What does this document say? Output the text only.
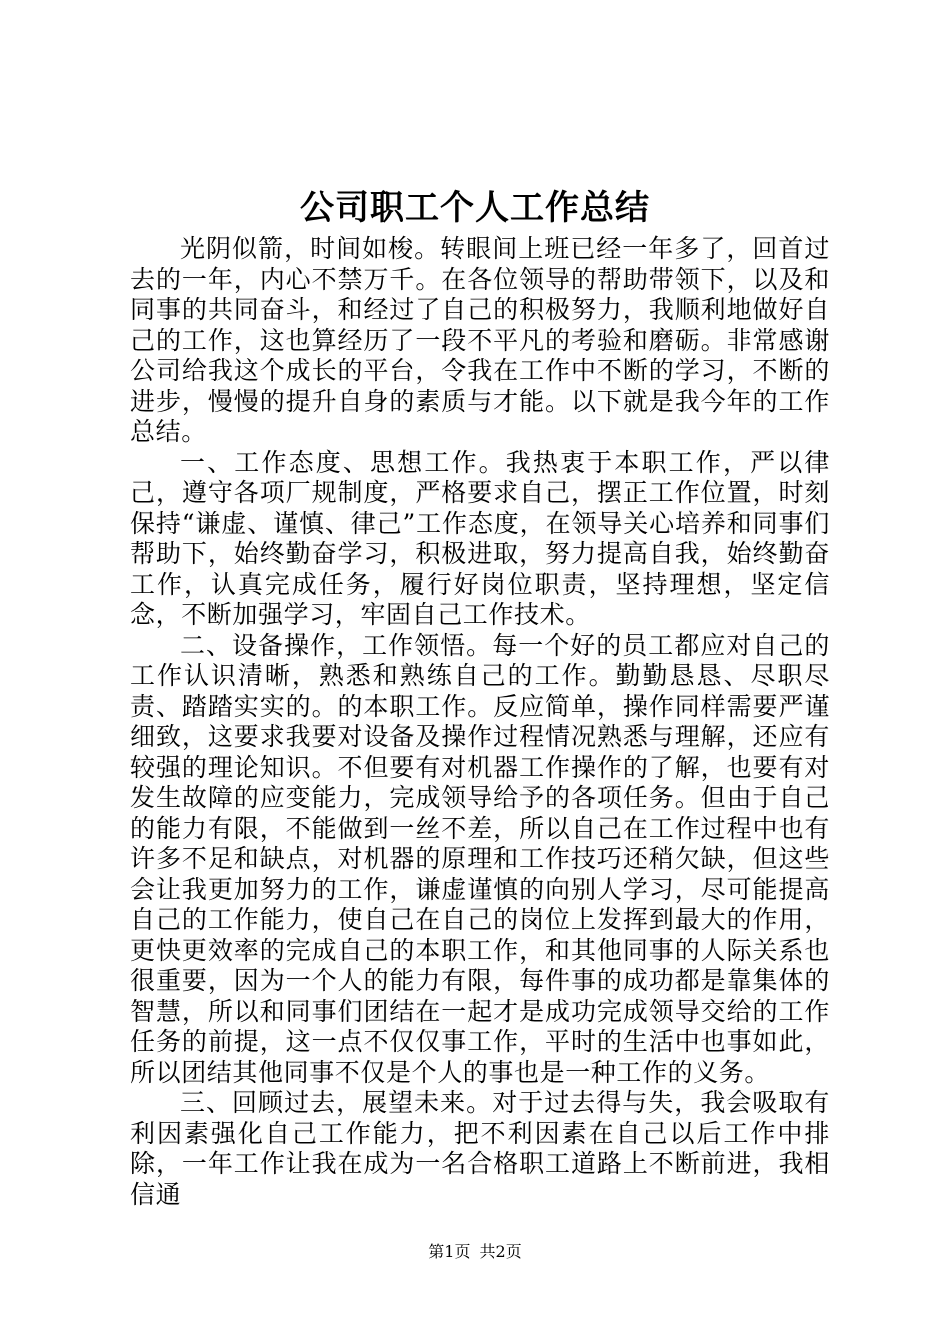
公司职工个人工作总结

光阴似箭，时间如梭。转眼间上班已经一年多了，回首过去的一年，内心不禁万千。在各位领导的帮助带领下，以及和同事的共同奋斗，和经过了自己的积极努力，我顺利地做好自己的工作，这也算经历了一段不平凡的考验和磨砺。非常感谢公司给我这个成长的平台，令我在工作中不断的学习，不断的进步，慢慢的提升自身的素质与才能。以下就是我今年的工作总结。

一、工作态度、思想工作。我热衷于本职工作，严以律己，遵守各项厂规制度，严格要求自己，摆正工作位置，时刻保持“谦虚、谨慎、律己”工作态度，在领导关心培养和同事们帮助下，始终勤奋学习，积极进取，努力提高自我，始终勤奋工作，认真完成任务，履行好岗位职责，坚持理想，坚定信念，不断加强学习，牢固自己工作技术。

二、设备操作，工作领悟。每一个好的员工都应对自己的工作认识清晰，熟悉和熟练自己的工作。勤勤恳恳、尽职尽责、踏踏实实的。的本职工作。反应简单，操作同样需要严谨细致，这要求我要对设备及操作过程情况熟悉与理解，还应有较强的理论知识。不但要有对机器工作操作的了解，也要有对发生故障的应变能力，完成领导给予的各项任务。但由于自己的能力有限，不能做到一丝不差，所以自己在工作过程中也有许多不足和缺点，对机器的原理和工作技巧还稍欠缺，但这些会让我更加努力的工作，谦虚谨慎的向别人学习，尽可能提高自己的工作能力，使自己在自己的岗位上发挥到最大的作用，更快更效率的完成自己的本职工作，和其他同事的人际关系也很重要，因为一个人的能力有限，每件事的成功都是靠集体的智慧，所以和同事们团结在一起才是成功完成领导交给的工作任务的前提，这一点不仅仅事工作，平时的生活中也事如此，所以团结其他同事不仅是个人的事也是一种工作的义务。

三、回顾过去，展望未来。对于过去得与失，我会吸取有利因素强化自己工作能力，把不利因素在自己以后工作中排除，一年工作让我在成为一名合格职工道路上不断前进，我相信通

第1页 共2页
